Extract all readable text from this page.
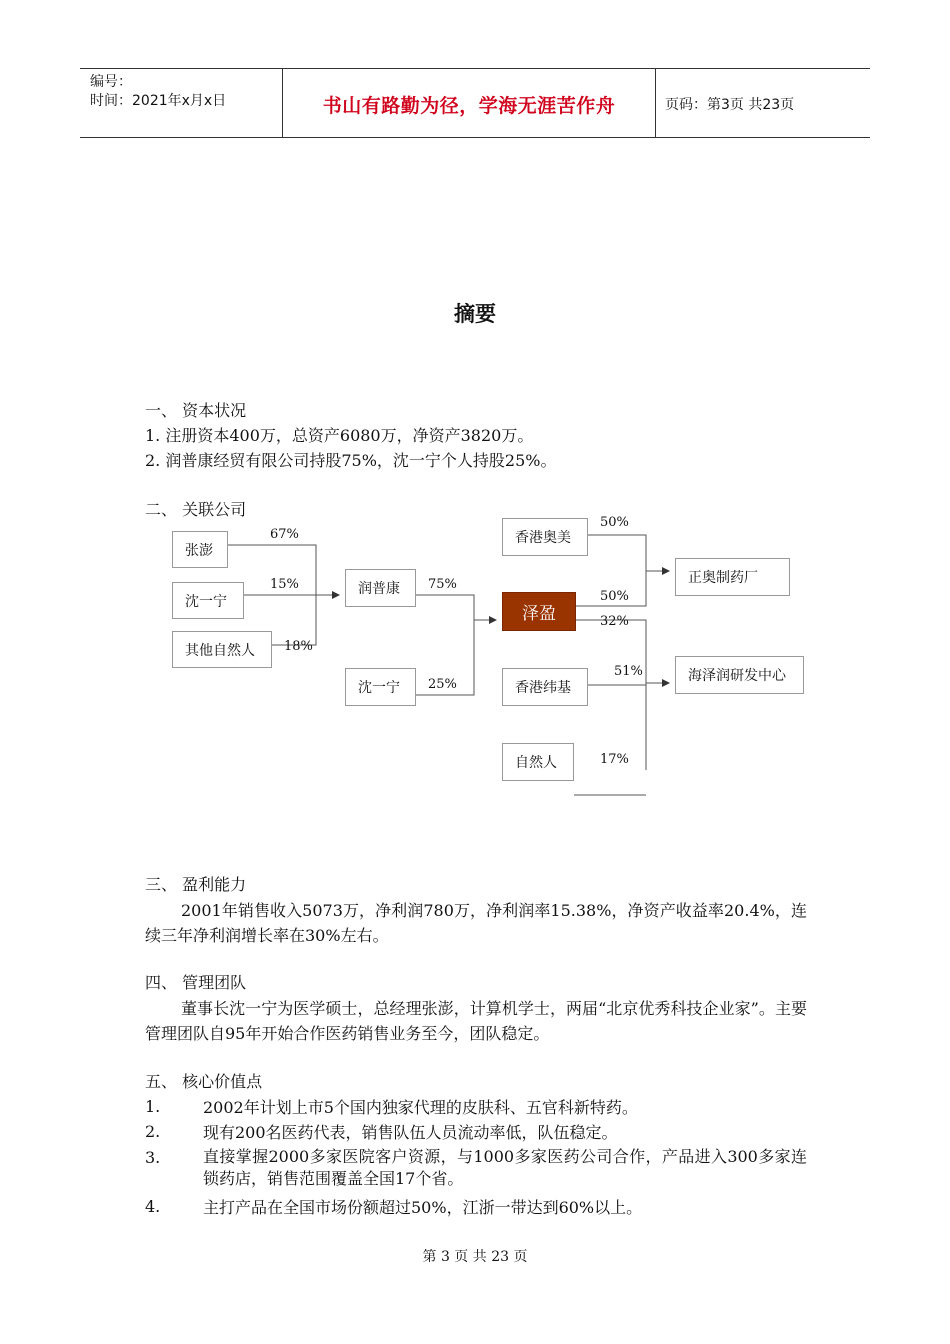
编号：
时间：2021年x月x日	书山有路勤为径，学海无涯苦作舟	页码：第3页 共23页
摘要
一、 资本状况
1. 注册资本400万，总资产6080万，净资产3820万。
2. 润普康经贸有限公司持股75%，沈一宁个人持股25%。
二、 关联公司
张澎
沈一宁
其他自然人
润普康
沈一宁
泽盈
香港奥美
香港纬基
自然人
正奥制药厂
海泽润研发中心
67%
15%
18%
75%
25%
50%
50%
32%
51%
17%
三、 盈利能力
2001年销售收入5073万，净利润780万，净利润率15.38%，净资产收益率20.4%，连续三年净利润增长率在30%左右。
四、 管理团队
董事长沈一宁为医学硕士，总经理张澎，计算机学士，两届“北京优秀科技企业家”。主要管理团队自95年开始合作医药销售业务至今，团队稳定。
五、 核心价值点
1.	2002年计划上市5个国内独家代理的皮肤科、五官科新特药。
2.	现有200名医药代表，销售队伍人员流动率低，队伍稳定。
3.	直接掌握2000多家医院客户资源，与1000多家医药公司合作，产品进入300多家连锁药店，销售范围覆盖全国17个省。
4.	主打产品在全国市场份额超过50%，江浙一带达到60%以上。
第 3 页 共 23 页
